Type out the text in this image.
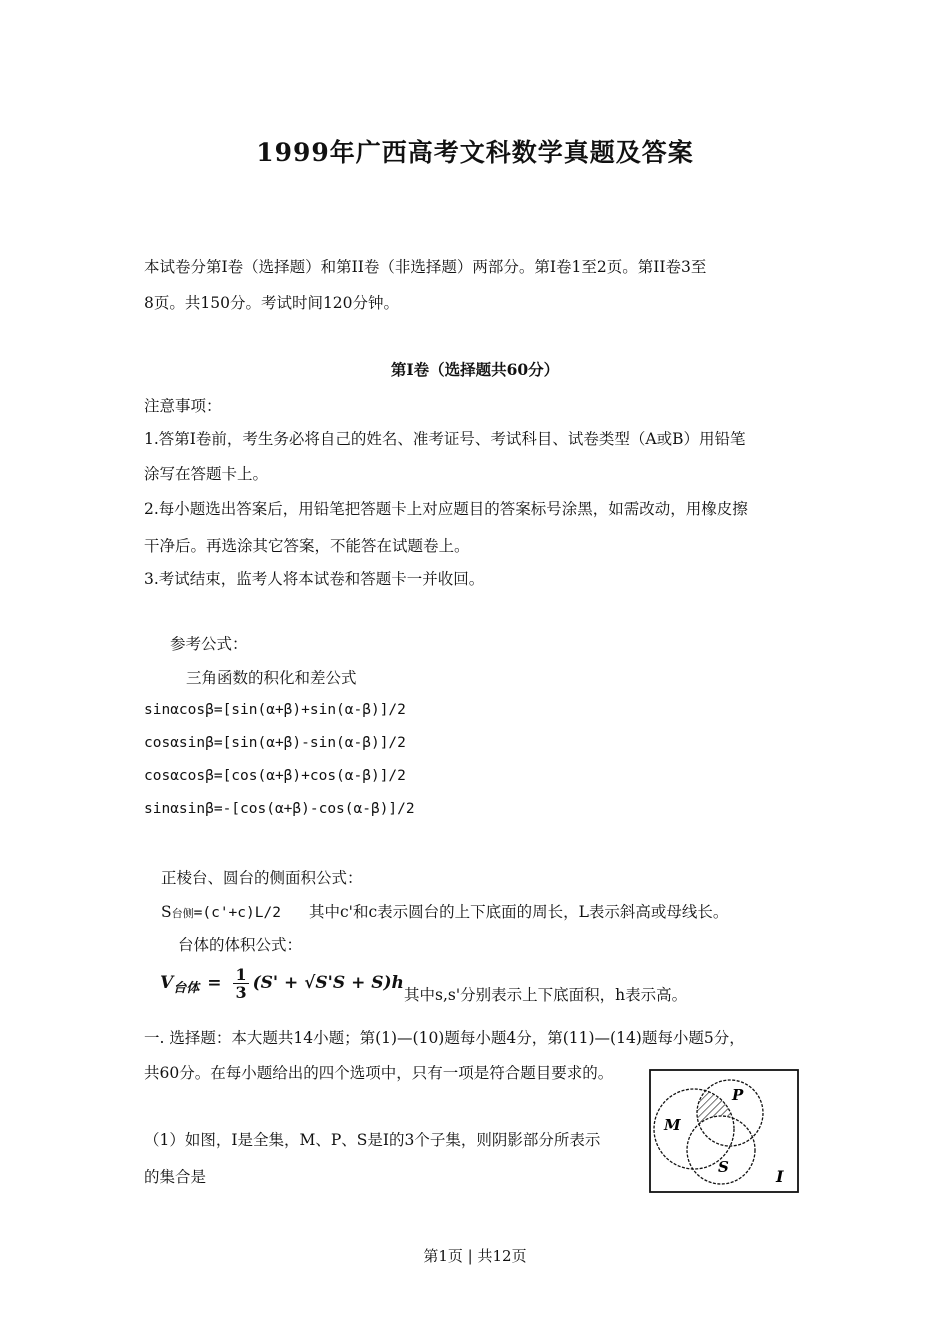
1999年广西高考文科数学真题及答案
本试卷分第Ⅰ卷（选择题）和第II卷（非选择题）两部分。第Ⅰ卷1至2页。第II卷3至
8页。共150分。考试时间120分钟。
第Ⅰ卷（选择题共60分）
注意事项：
1.答第Ⅰ卷前，考生务必将自己的姓名、准考证号、考试科目、试卷类型（A或B）用铅笔
涂写在答题卡上。
2.每小题选出答案后，用铅笔把答题卡上对应题目的答案标号涂黑，如需改动，用橡皮擦
干净后。再选涂其它答案，不能答在试题卷上。
3.考试结束，监考人将本试卷和答题卡一并收回。
参考公式：
三角函数的积化和差公式
sinαcosβ=[sin(α+β)+sin(α-β)]/2
cosαsinβ=[sin(α+β)-sin(α-β)]/2
cosαcosβ=[cos(α+β)+cos(α-β)]/2
sinαsinβ=-[cos(α+β)-cos(α-β)]/2
正棱台、圆台的侧面积公式：
S台侧=(c'+c)L/2 其中c'和c表示圆台的上下底面的周长，L表示斜高或母线长。
台体的体积公式：
V 台体 = $\frac{1}{3} (S' + √S'S + S)h$
其中s,s'分别表示上下底面积，h表示高。
一. 选择题：本大题共14小题；第(1)—(10)题每小题4分，第(11)—(14)题每小题5分，
共60分。在每小题给出的四个选项中，只有一项是符合题目要求的。
（1）如图，I是全集，M、P、S是I的3个子集，则阴影部分所表示
的集合是
P
M
S	I
第1页 | 共12页
